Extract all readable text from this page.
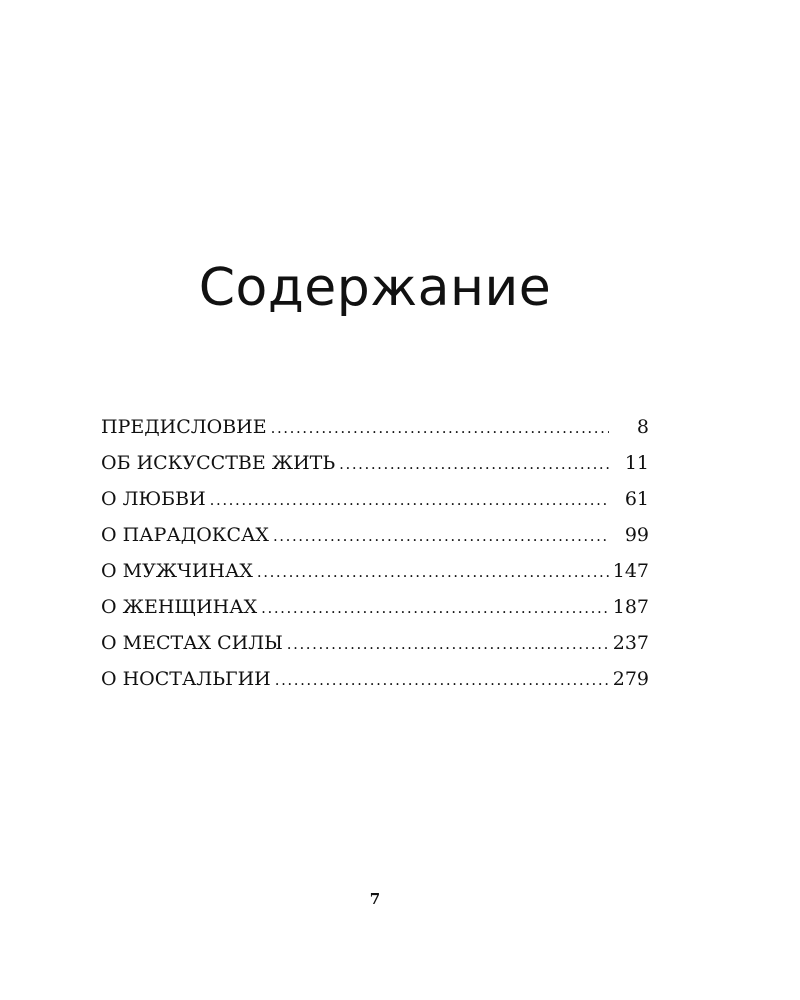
Содержание
ПРЕДИСЛОВИЕ . . .	8
ОБ ИСКУССТВЕ ЖИТЬ . . .	11
О ЛЮБВИ . . .	61
О ПАРАДОКСАХ . . .	99
О МУЖЧИНАХ . . .	147
О ЖЕНЩИНАХ . . .	187
О МЕСТАХ СИЛЫ . . .	237
О НОСТАЛЬГИИ . . .	279

7
